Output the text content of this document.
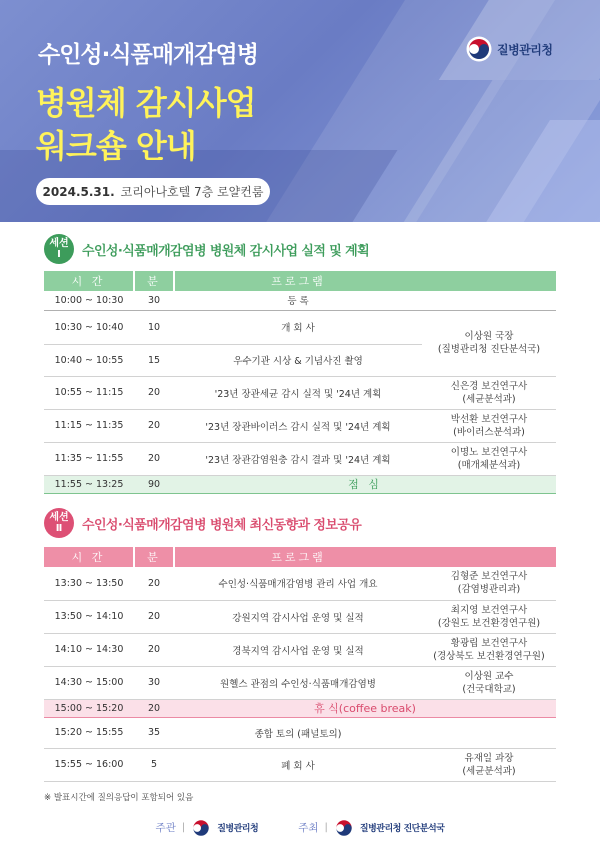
수인성·식품매개감염병
병원체 감시사업
워크숍 안내
2024.5.31. 코리아나호텔 7층 로얄컨룸
질병관리청
세션
Ⅰ 수인성·식품매개감염병 병원체 감시사업 실적 및 계획
시 간	분	프로그램	
10:00 ~ 10:30	30	등 록	
10:30 ~ 10:40	10	개 회 사	이상원 국장
(질병관리청 진단분석국)

10:40 ~ 10:55	15	우수기관 시상 & 기념사진 촬영	
10:55 ~ 11:15	20	'23년 장관세균 감시 실적 및 '24년 계획	신은경 보건연구사
(세균분석과)

11:15 ~ 11:35	20	'23년 장관바이러스 감시 실적 및 '24년 계획	박선환 보건연구사
(바이러스분석과)

11:35 ~ 11:55	20	'23년 장관감염원충 감시 결과 및 '24년 계획	이명노 보건연구사
(매개체분석과)

11:55 ~ 13:25	90	점 심	
세션
Ⅱ 수인성·식품매개감염병 병원체 최신동향과 정보공유
시 간	분	프로그램	
13:30 ~ 13:50	20	수인성·식품매개감염병 관리 사업 개요	김형준 보건연구사
(감염병관리과)

13:50 ~ 14:10	20	강원지역 감시사업 운영 및 실적	최지영 보건연구사
(강원도 보건환경연구원)

14:10 ~ 14:30	20	경북지역 감시사업 운영 및 실적	황광립 보건연구사
(경상북도 보건환경연구원)

14:30 ~ 15:00	30	원헬스 관점의 수인성·식품매개감염병	이상원 교수
(건국대학교)

15:00 ~ 15:20	20	휴 식(coffee break)	
15:20 ~ 15:55	35	종합 토의 (패널토의)	
15:55 ~ 16:00	5	폐 회 사	유재일 과장
(세균분석과)
※ 발표시간에 질의응답이 포함되어 있음
주관 |	질병관리청	주최 |	질병관리청 진단분석국
